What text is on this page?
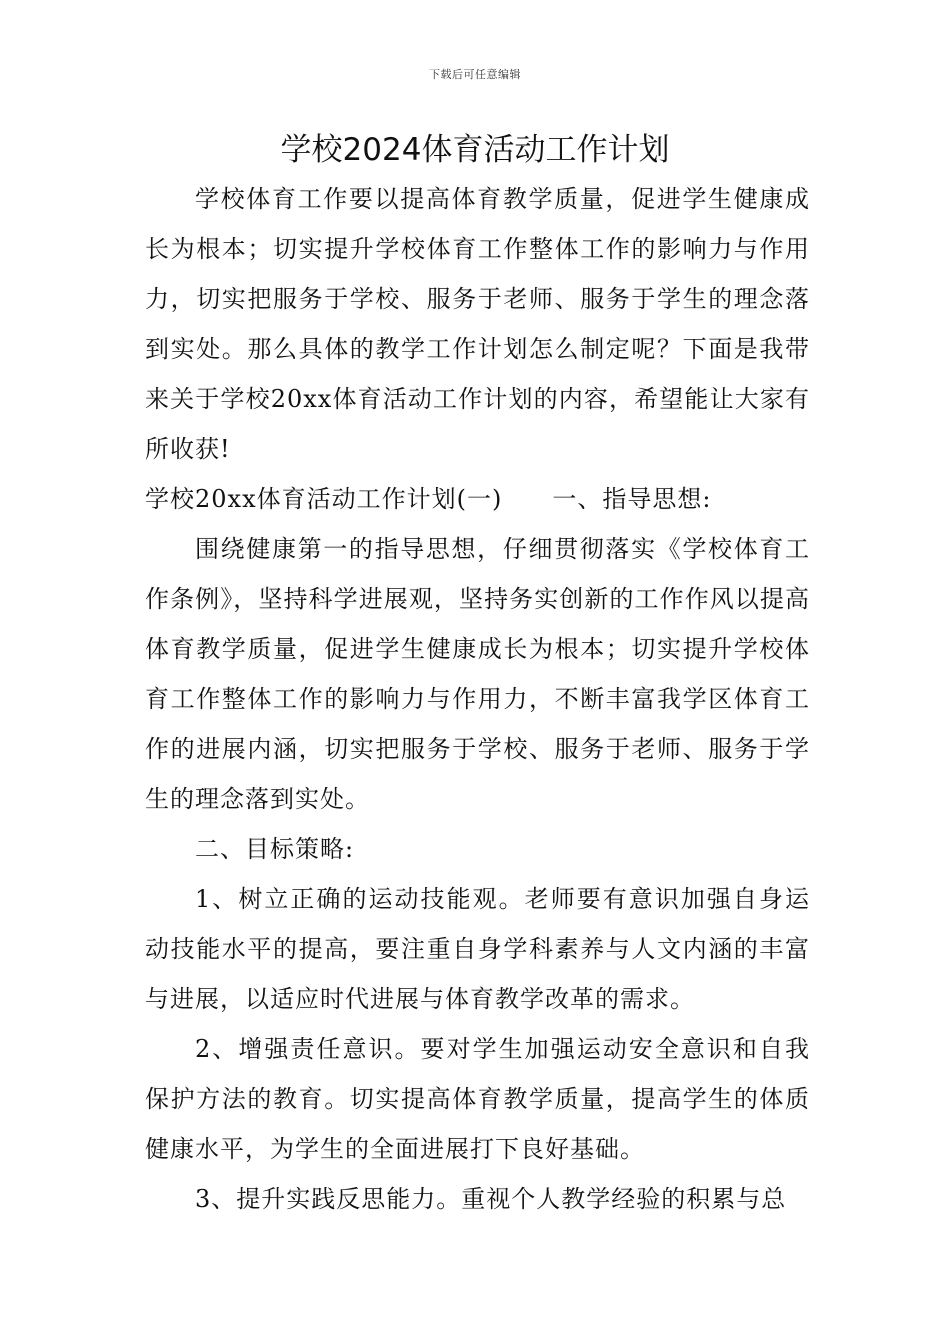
下载后可任意编辑
学校2024体育活动工作计划

学校体育工作要以提高体育教学质量，促进学生健康成长为根本；切实提升学校体育工作整体工作的影响力与作用力，切实把服务于学校、服务于老师、服务于学生的理念落到实处。那么具体的教学工作计划怎么制定呢？下面是我带来关于学校20xx体育活动工作计划的内容，希望能让大家有所收获!

学校20xx体育活动工作计划(一)　　一、指导思想:

围绕健康第一的指导思想，仔细贯彻落实《学校体育工作条例》，坚持科学进展观，坚持务实创新的工作作风以提高体育教学质量，促进学生健康成长为根本；切实提升学校体育工作整体工作的影响力与作用力，不断丰富我学区体育工作的进展内涵，切实把服务于学校、服务于老师、服务于学生的理念落到实处。

二、目标策略:

1、树立正确的运动技能观。老师要有意识加强自身运动技能水平的提高，要注重自身学科素养与人文内涵的丰富与进展，以适应时代进展与体育教学改革的需求。

2、增强责任意识。要对学生加强运动安全意识和自我保护方法的教育。切实提高体育教学质量，提高学生的体质健康水平，为学生的全面进展打下良好基础。

3、提升实践反思能力。重视个人教学经验的积累与总
